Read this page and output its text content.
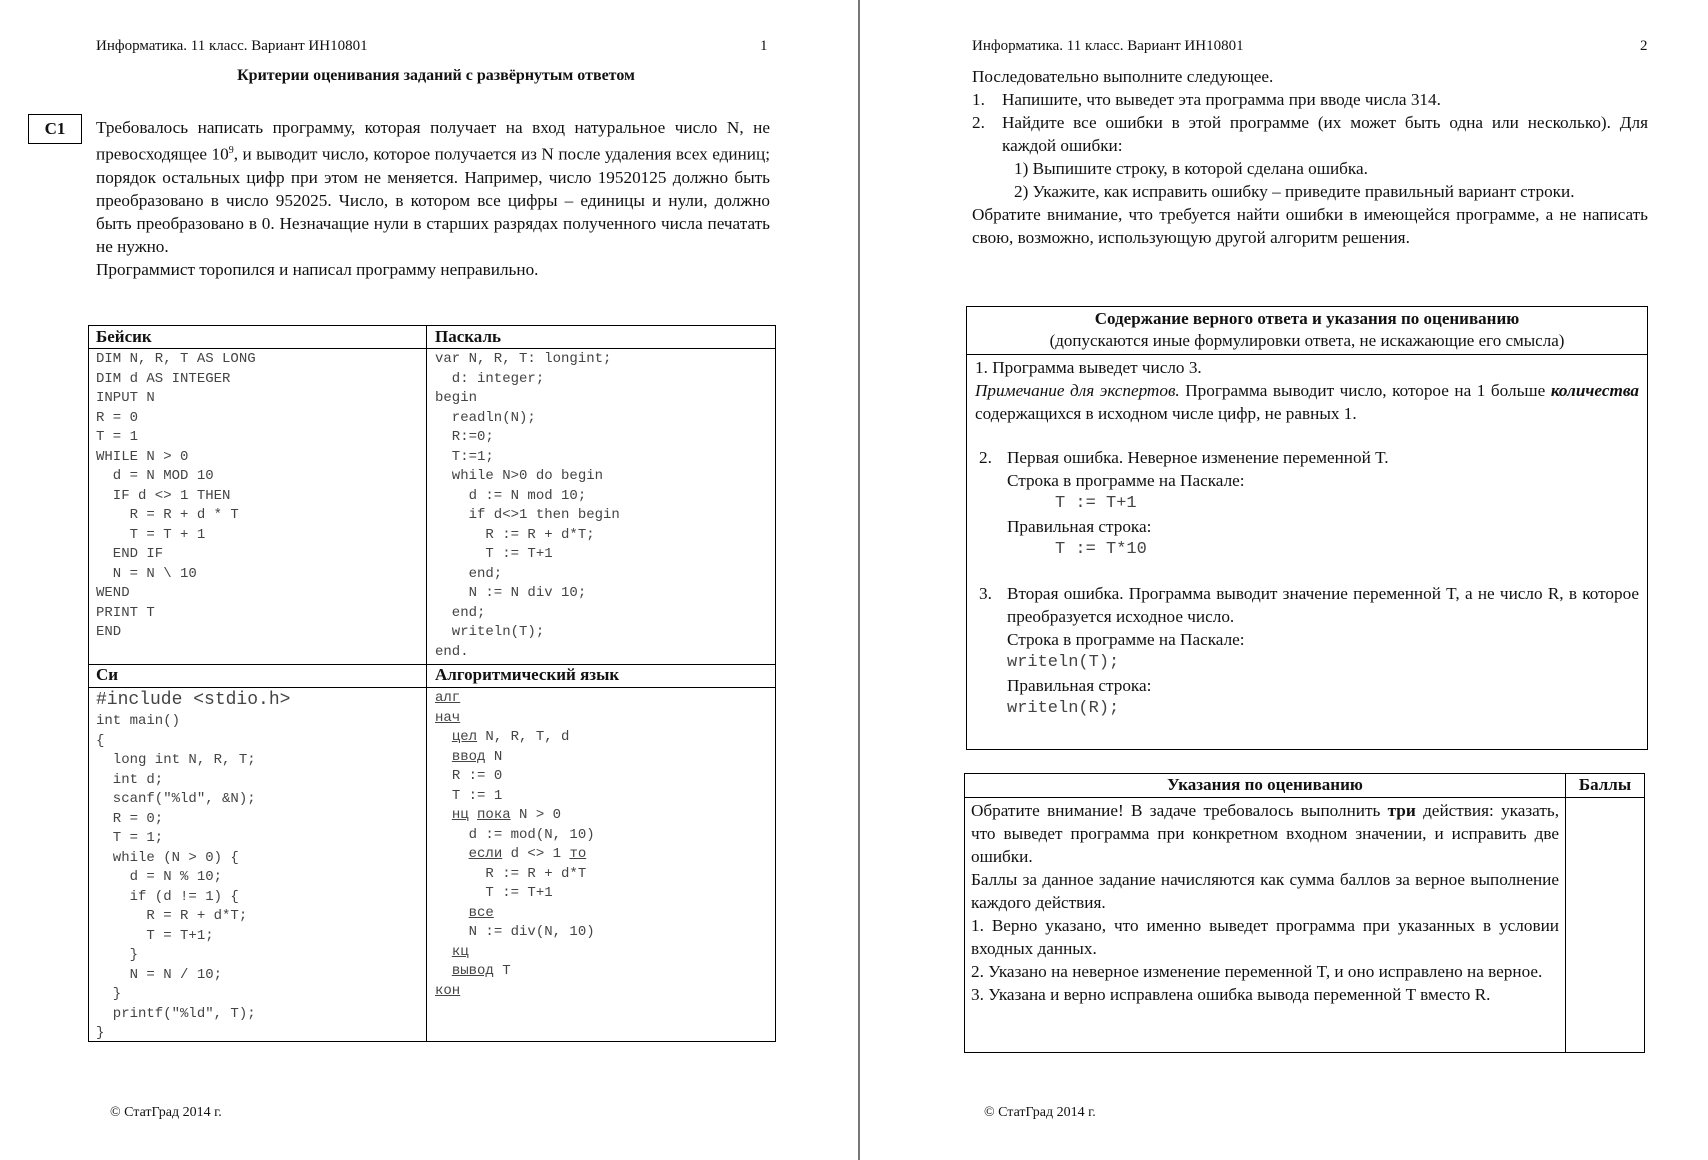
Информатика. 11 класс. Вариант ИН10801	1
Критерии оценивания заданий с развёрнутым ответом
C1	Требовалось написать программу, которая получает на вход натуральное число N, не превосходящее $10^9$, и выводит число, которое получается из N после удаления всех единиц; порядок остальных цифр при этом не меняется. Например, число 19520125 должно быть преобразовано в число 952025. Число, в котором все цифры – единицы и нули, должно быть преобразовано в 0. Незначащие нули в старших разрядах полученного числа печатать не нужно.

Программист торопился и написал программу неправильно.

Бейсик	Паскаль
DIM N, R, T AS LONG
DIM d AS INTEGER
INPUT N
R = 0
T = 1
WHILE N > 0
d = N MOD 10
IF d <> 1 THEN
R = R + d * T
T = T + 1
END IF
N = N \ 10
WEND
PRINT T
END
var N, R, T: longint;
d: integer;
begin
readln(N);
R:=0;
T:=1;
while N>0 do begin
d := N mod 10;
if d<>1 then begin
R := R + d*T;
T := T+1
end;
N := N div 10;
end;
writeln(T);
end.
Си	Алгоритмический язык
#include <stdio.h>
int main()
{
long int N, R, T;
int d;
scanf("%ld", &N);
R = 0;
T = 1;
while (N > 0) {
d = N % 10;
if (d != 1) {
R = R + d*T;
T = T+1;
}
N = N / 10;
}
printf("%ld", T);
}
алг
нач
цел N, R, T, d
ввод N
R := 0
T := 1
нц пока N > 0
d := mod(N, 10)
если d <> 1 то
R := R + d*T
T := T+1
все
N := div(N, 10)
кц
вывод T
кон
© СтатГрад 2014 г.
Информатика. 11 класс. Вариант ИН10801	2

Последовательно выполните следующее.

1. Напишите, что выведет эта программа при вводе числа 314.
2. Найдите все ошибки в этой программе (их может быть одна или несколько). Для каждой ошибки:

1) Выпишите строку, в которой сделана ошибка.

2) Укажите, как исправить ошибку – приведите правильный вариант строки.

Обратите внимание, что требуется найти ошибки в имеющейся программе, а не написать свою, возможно, использующую другой алгоритм решения.

Содержание верного ответа и указания по оцениванию
(допускаются иные формулировки ответа, не искажающие его смысла)

1. Программа выведет число 3.

Примечание для экспертов. Программа выводит число, которое на 1 больше количества содержащихся в исходном числе цифр, не равных 1.

2. Первая ошибка. Неверное изменение переменной T.

Строка в программе на Паскале:

T := T+1

Правильная строка:

T := T*10

3. Вторая ошибка. Программа выводит значение переменной T, а не число R, в которое преобразуется исходное число.

Строка в программе на Паскале:

writeln(T);

Правильная строка:

writeln(R);

Указания по оцениванию	Баллы

Обратите внимание! В задаче требовалось выполнить три действия: указать, что выведет программа при конкретном входном значении, и исправить две ошибки.

Баллы за данное задание начисляются как сумма баллов за верное выполнение каждого действия.

1. Верно указано, что именно выведет программа при указанных в условии входных данных.

2. Указано на неверное изменение переменной T, и оно исправлено на верное.

3. Указана и верно исправлена ошибка вывода переменной T вместо R.

© СтатГрад 2014 г.
